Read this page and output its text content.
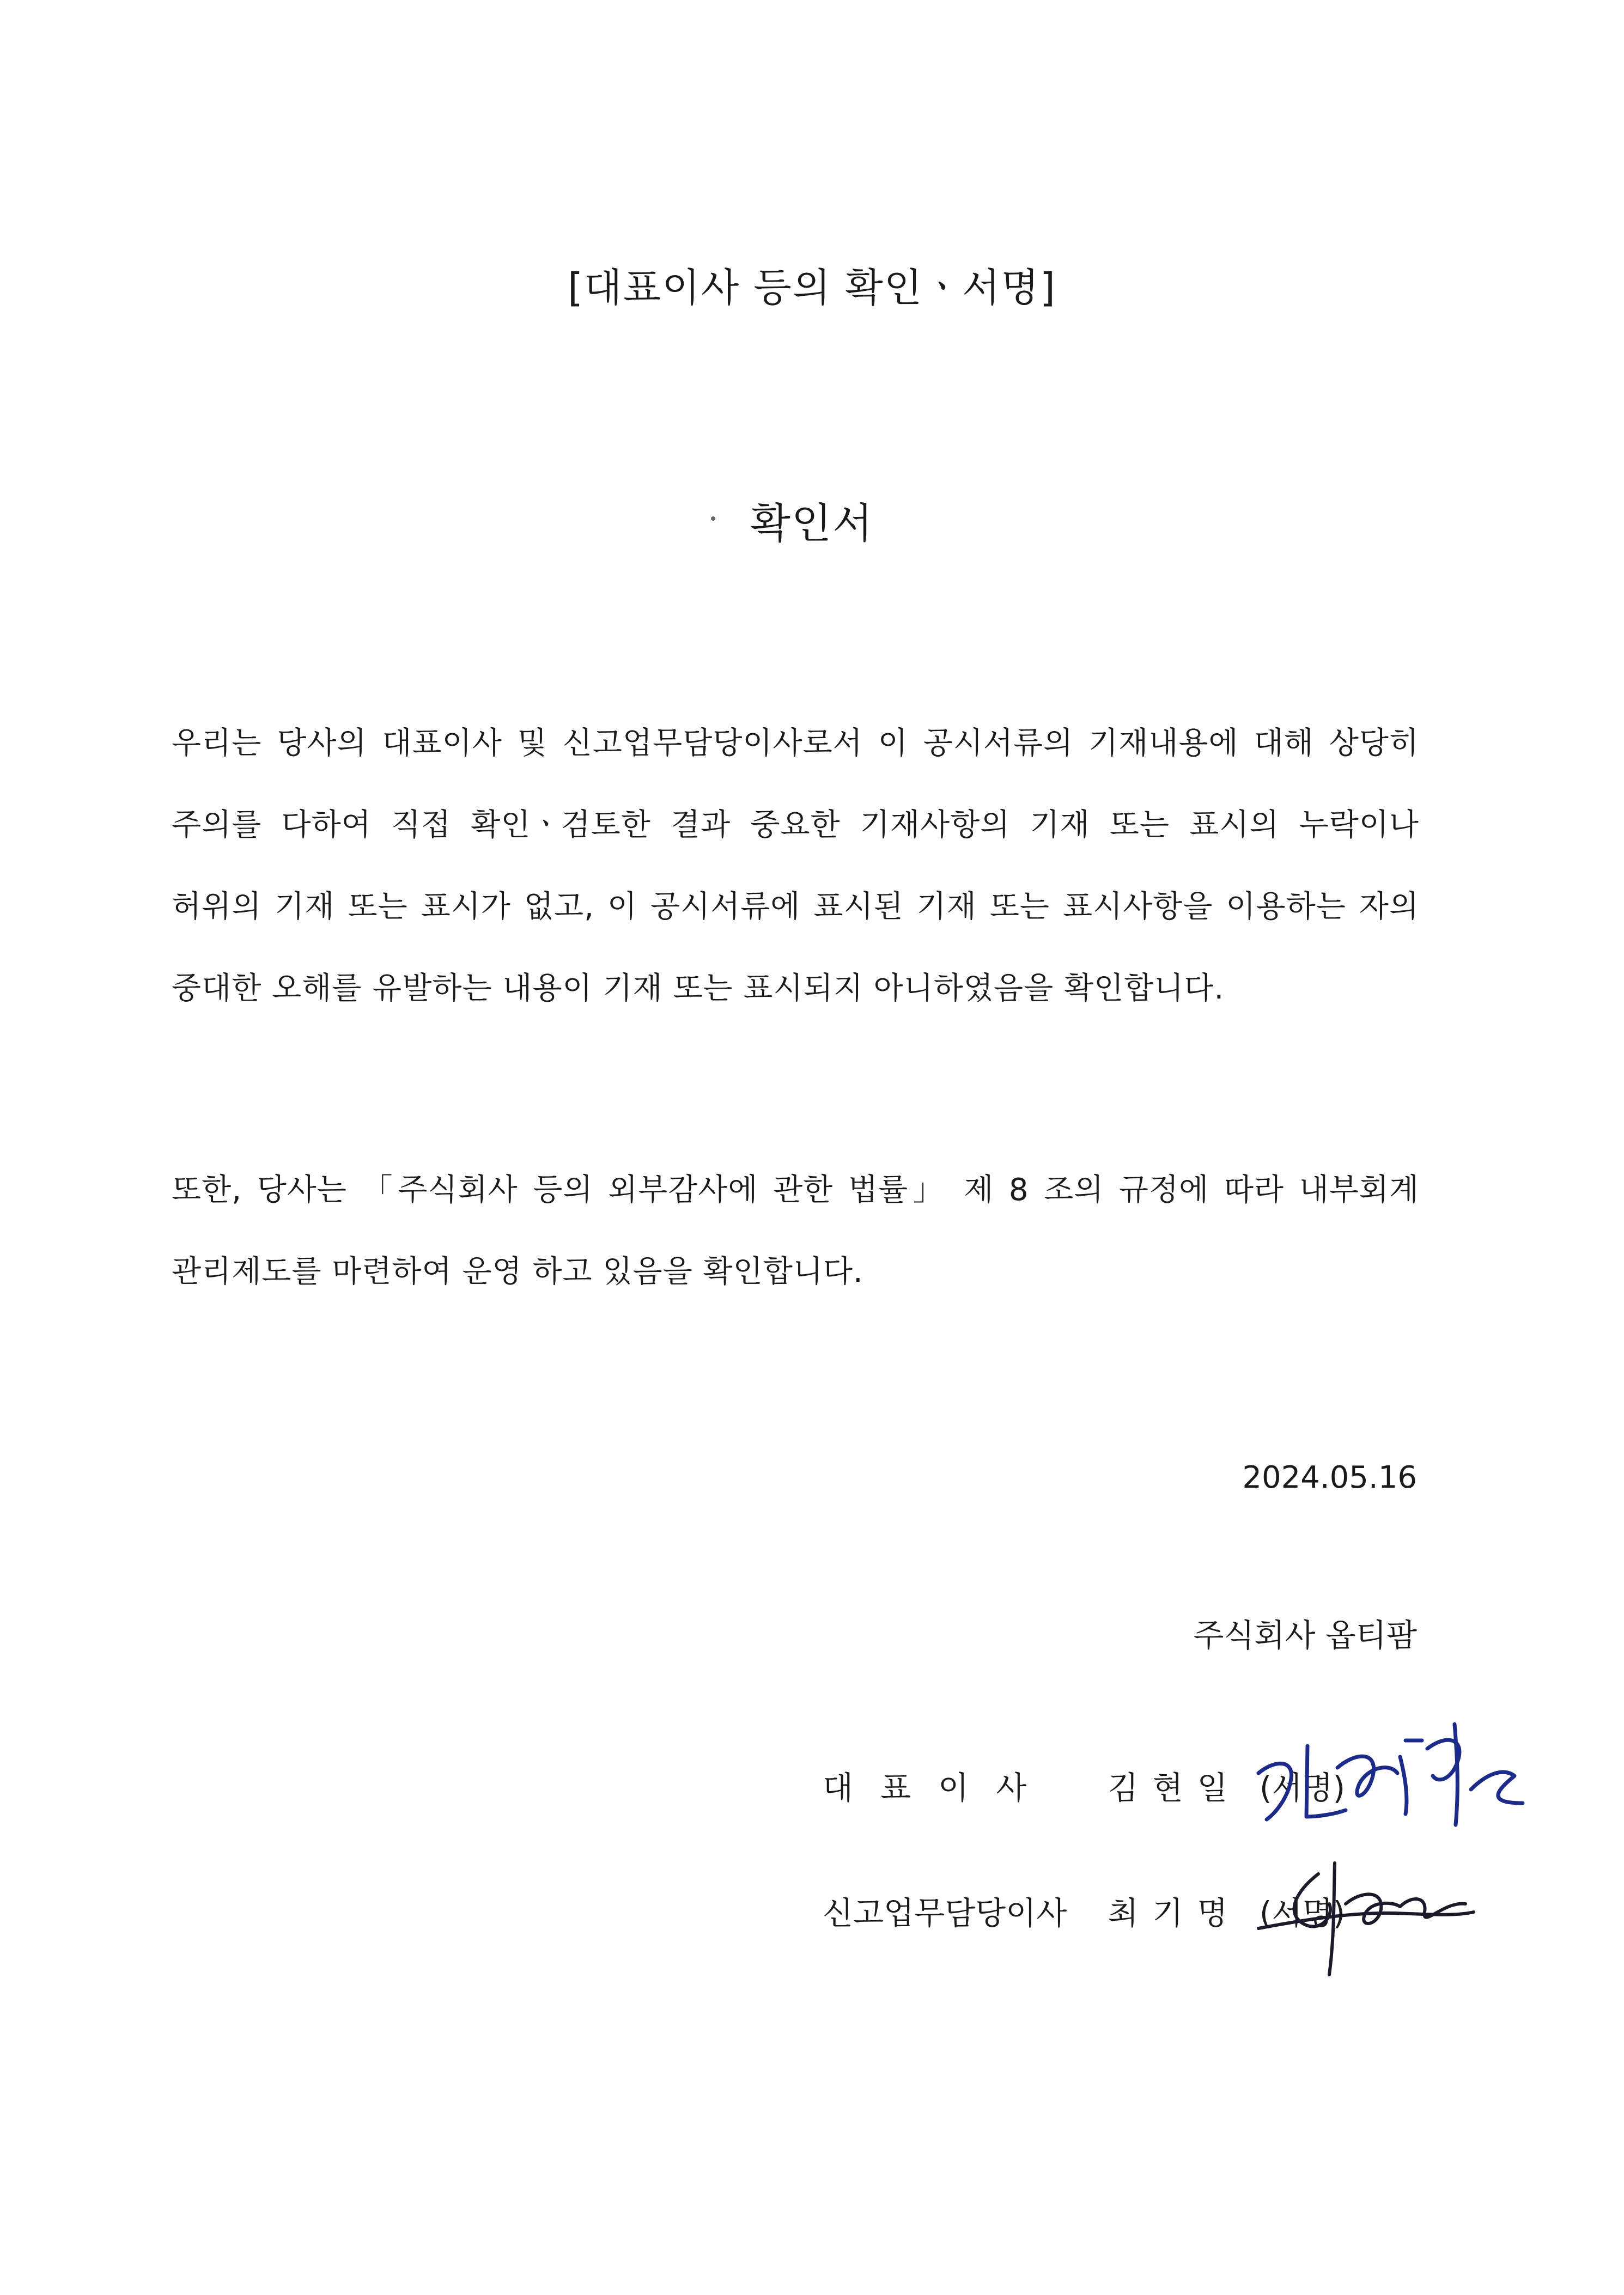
[대표이사 등의 확인ㆍ서명]
확인서

우리는 당사의 대표이사 및 신고업무담당이사로서 이 공시서류의 기재내용에 대해 상당히 주의를 다하여 직접 확인ㆍ검토한 결과 중요한 기재사항의 기재 또는 표시의 누락이나 허위의 기재 또는 표시가 없고, 이 공시서류에 표시된 기재 또는 표시사항을 이용하는 자의 중대한 오해를 유발하는 내용이 기재 또는 표시되지 아니하였음을 확인합니다.

또한, 당사는 「주식회사 등의 외부감사에 관한 법률」 제 8 조의 규정에 따라 내부회계 관리제도를 마련하여 운영 하고 있음을 확인합니다.

2024.05.16

주식회사 옵티팜

대표이사 김현일 (서명)
신고업무담당이사 최기명 (서명)
